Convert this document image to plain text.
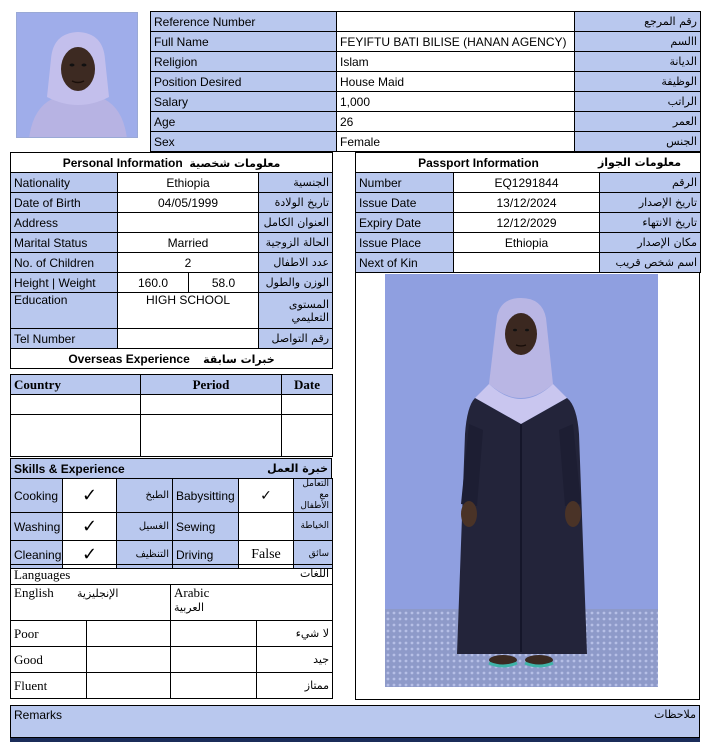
Reference Number		رقم المرجع
Full Name	FEYIFTU BATI BILISE (HANAN AGENCY)	االسم
Religion	Islam	الديانة
Position Desired	House Maid	الوظيفة
Salary	1,000	الراتب
Age	26	العمر
Sex	Female	الجنس
Personal Information معلومات شخصية			
Nationality	Ethiopia		الجنسية
Date of Birth	04/05/1999		تاريخ الولادة
Address			العنوان الكامل
Marital Status	Married		الحالة الزوجية
No. of Children	2		عدد الاطفال
Height | Weight	160.0	58.0	الوزن والطول
Education	HIGH SCHOOL		المستوى التعليمي
Tel Number			رقم التواصل
Overseas Experience خبرات سابقة			
Country	Period	Date

Skills & Experience	خبرة العمل
Cooking	✓	الطبخ	Babysitting	✓	التعامل مع الأطفال
Washing	✓	الغسيل	Sewing		الخياطة
Cleaning	✓	التنظيف	Driving	False	سائق
Languages اللغات			

English الإنجليزية		Arabic
العربية	

Poor			لا شيء
Good			جيد
Fluent			ممتاز
Passport Information معلومات الجواز		

Number	EQ1291844	الرقم
Issue Date	13/12/2024	تاريخ الإصدار
Expiry Date	12/12/2029	تاريخ الانتهاء
Issue Place	Ethiopia	مكان الإصدار
Next of Kin		اسم شخص قريب
Remarks	ملاحظات
